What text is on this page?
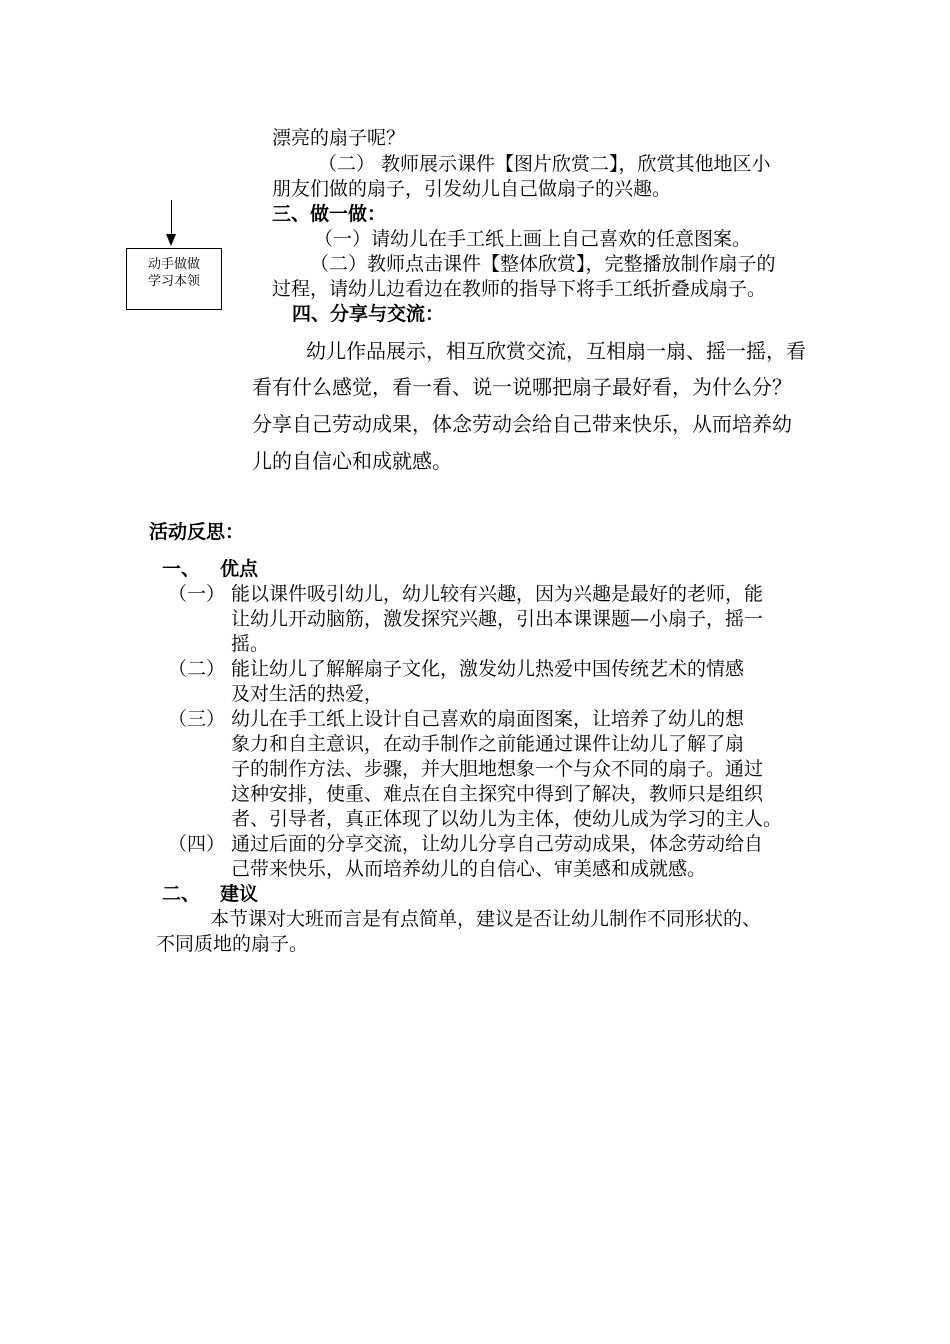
动手做做
学习本领
漂亮的扇子呢？
（二） 教师展示课件【图片欣赏二】，欣赏其他地区小
朋友们做的扇子，引发幼儿自己做扇子的兴趣。
三、做一做：
（一）请幼儿在手工纸上画上自己喜欢的任意图案。
（二）教师点击课件【整体欣赏】，完整播放制作扇子的
过程，请幼儿边看边在教师的指导下将手工纸折叠成扇子。
四、分享与交流：
幼儿作品展示，相互欣赏交流，互相扇一扇、摇一摇，看
看有什么感觉，看一看、说一说哪把扇子最好看，为什么分？
分享自己劳动成果，体念劳动会给自己带来快乐，从而培养幼
儿的自信心和成就感。
活动反思：
一、 优点
（一） 能以课件吸引幼儿，幼儿较有兴趣，因为兴趣是最好的老师，能
让幼儿开动脑筋，激发探究兴趣，引出本课课题—小扇子，摇一
摇。
（二） 能让幼儿了解解扇子文化，激发幼儿热爱中国传统艺术的情感
及对生活的热爱，
（三） 幼儿在手工纸上设计自己喜欢的扇面图案，让培养了幼儿的想
象力和自主意识，在动手制作之前能通过课件让幼儿了解了扇
子的制作方法、步骤，并大胆地想象一个与众不同的扇子。通过
这种安排，使重、难点在自主探究中得到了解决，教师只是组织
者、引导者，真正体现了以幼儿为主体，使幼儿成为学习的主人。
（四） 通过后面的分享交流，让幼儿分享自己劳动成果，体念劳动给自
己带来快乐，从而培养幼儿的自信心、审美感和成就感。
二、 建议
本节课对大班而言是有点简单，建议是否让幼儿制作不同形状的、
不同质地的扇子。
